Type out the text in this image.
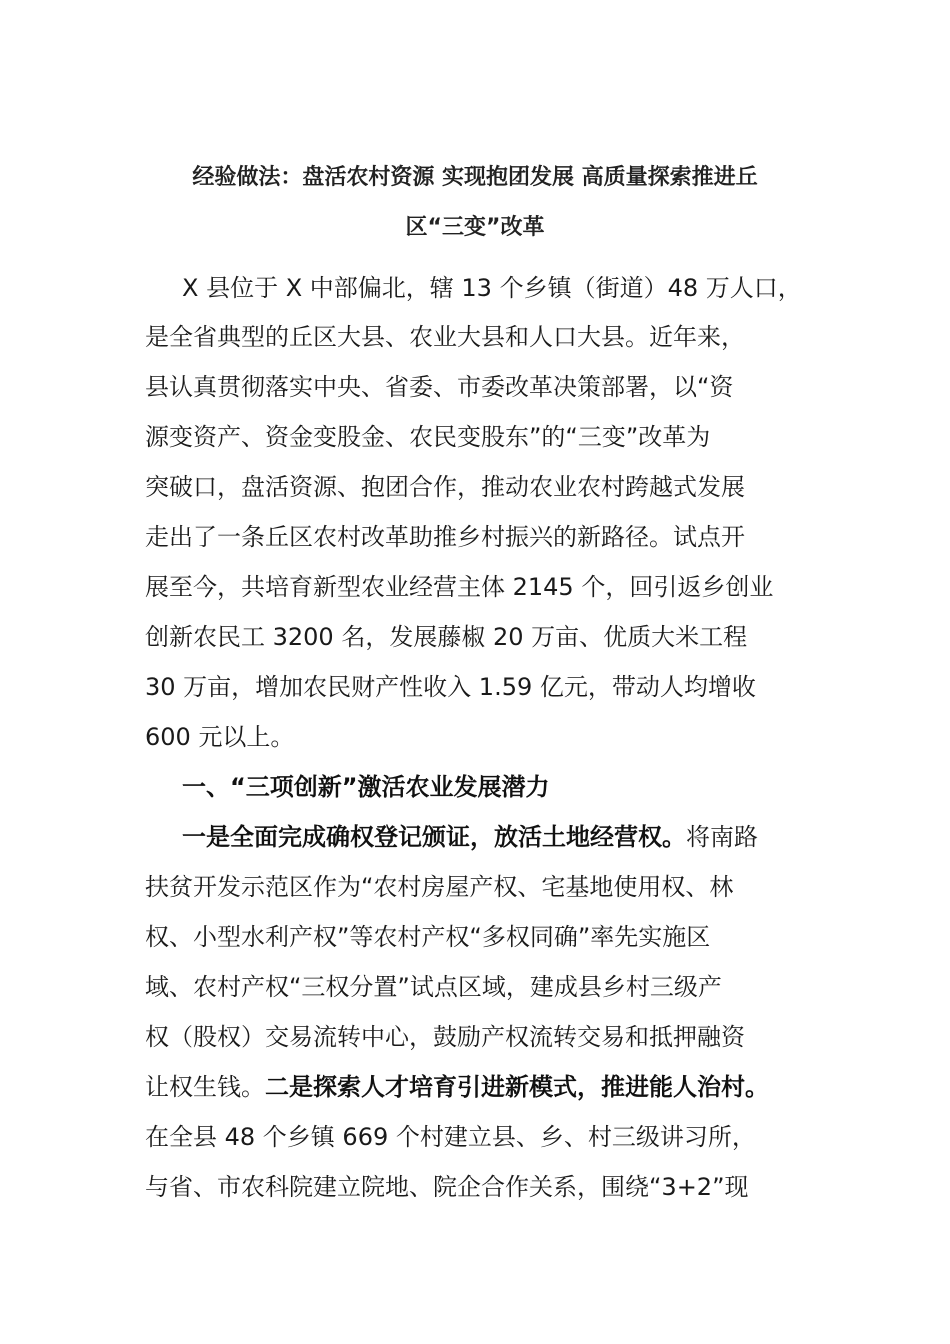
经验做法：盘活农村资源 实现抱团发展 高质量探索推进丘
区“三变”改革
X 县位于 X 中部偏北，辖 13 个乡镇（街道）48 万人口，
是全省典型的丘区大县、农业大县和人口大县。近年来，
县认真贯彻落实中央、省委、市委改革决策部署，以“资
源变资产、资金变股金、农民变股东”的“三变”改革为
突破口，盘活资源、抱团合作，推动农业农村跨越式发展
走出了一条丘区农村改革助推乡村振兴的新路径。试点开
展至今，共培育新型农业经营主体 2145 个，回引返乡创业
创新农民工 3200 名，发展藤椒 20 万亩、优质大米工程
30 万亩，增加农民财产性收入 1.59 亿元，带动人均增收
600 元以上。
一、“三项创新”激活农业发展潜力
一是全面完成确权登记颁证，放活土地经营权。将南路
扶贫开发示范区作为“农村房屋产权、宅基地使用权、林
权、小型水利产权”等农村产权“多权同确”率先实施区
域、农村产权“三权分置”试点区域，建成县乡村三级产
权（股权）交易流转中心，鼓励产权流转交易和抵押融资
让权生钱。二是探索人才培育引进新模式，推进能人治村。
在全县 48 个乡镇 669 个村建立县、乡、村三级讲习所，
与省、市农科院建立院地、院企合作关系，围绕“3+2”现
